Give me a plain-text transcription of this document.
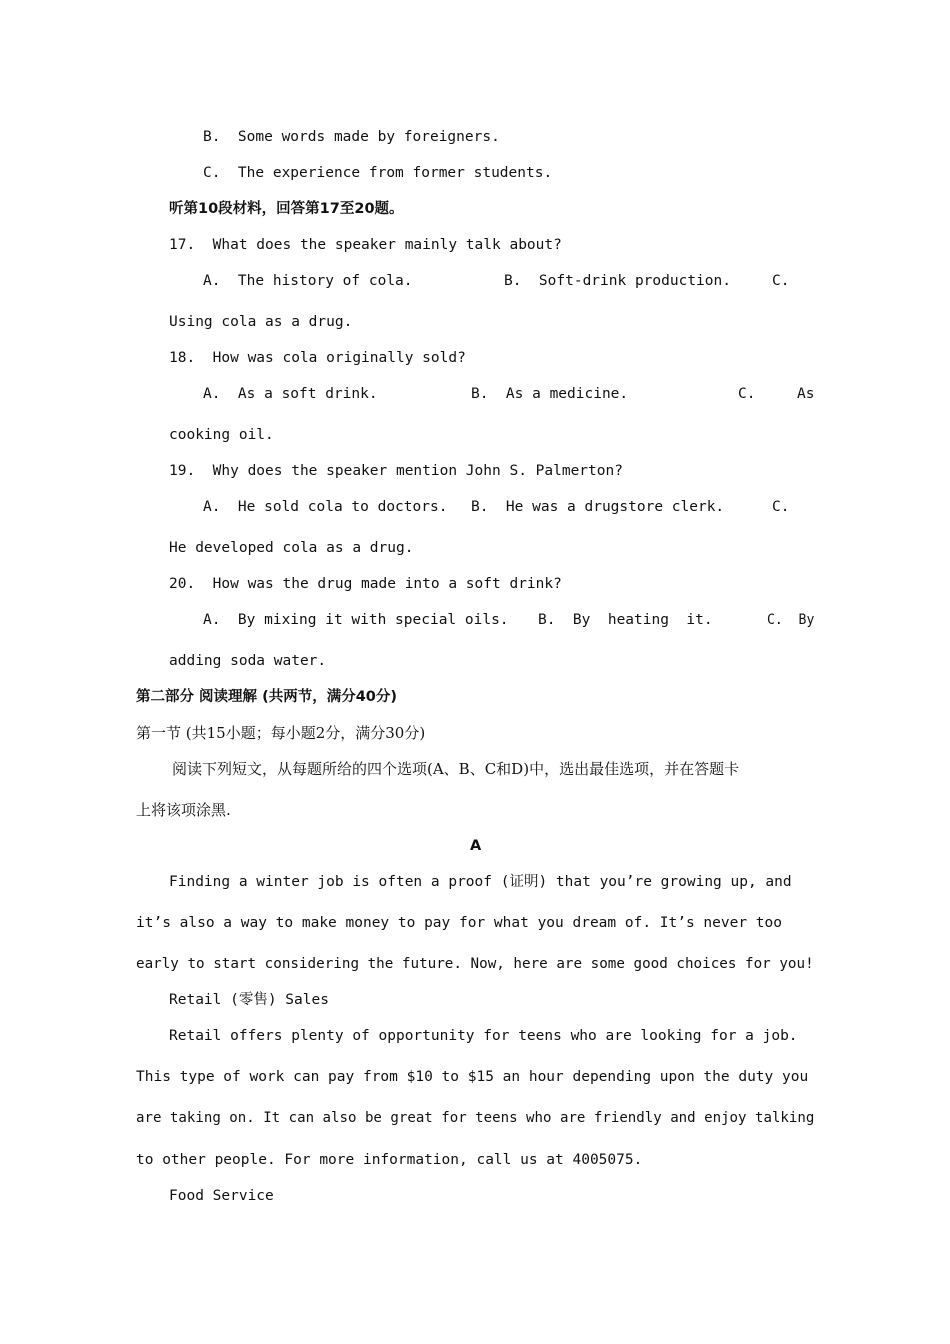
B.  Some words made by foreigners.
C.  The experience from former students.
听第10段材料，回答第17至20题。
17.  What does the speaker mainly talk about?
A.  The history of cola.	B.  Soft-drink production.	C.
Using cola as a drug.
18.  How was cola originally sold?
A.  As a soft drink.	B.  As a medicine.	C.	As
cooking oil.
19.  Why does the speaker mention John S. Palmerton?
A.  He sold cola to doctors. B.  He was a drugstore clerk.	C.
He developed cola as a drug.
20.  How was the drug made into a soft drink?
A.  By mixing it with special oils. B.  By  heating  it.	C.  By
adding soda water.
第二部分 阅读理解 (共两节，满分40分)
第一节 (共15小题；每小题2分，满分30分)
阅读下列短文，从每题所给的四个选项(A、B、C和D)中，选出最佳选项，并在答题卡
上将该项涂黑.
A
Finding a winter job is often a proof (证明) that you’re growing up, and
it’s also a way to make money to pay for what you dream of. It’s never too
early to start considering the future. Now, here are some good choices for you!
Retail (零售) Sales
Retail offers plenty of opportunity for teens who are looking for a job.
This type of work can pay from $10 to $15 an hour depending upon the duty you
are taking on. It can also be great for teens who are friendly and enjoy talking
to other people. For more information, call us at 4005075.
Food Service
